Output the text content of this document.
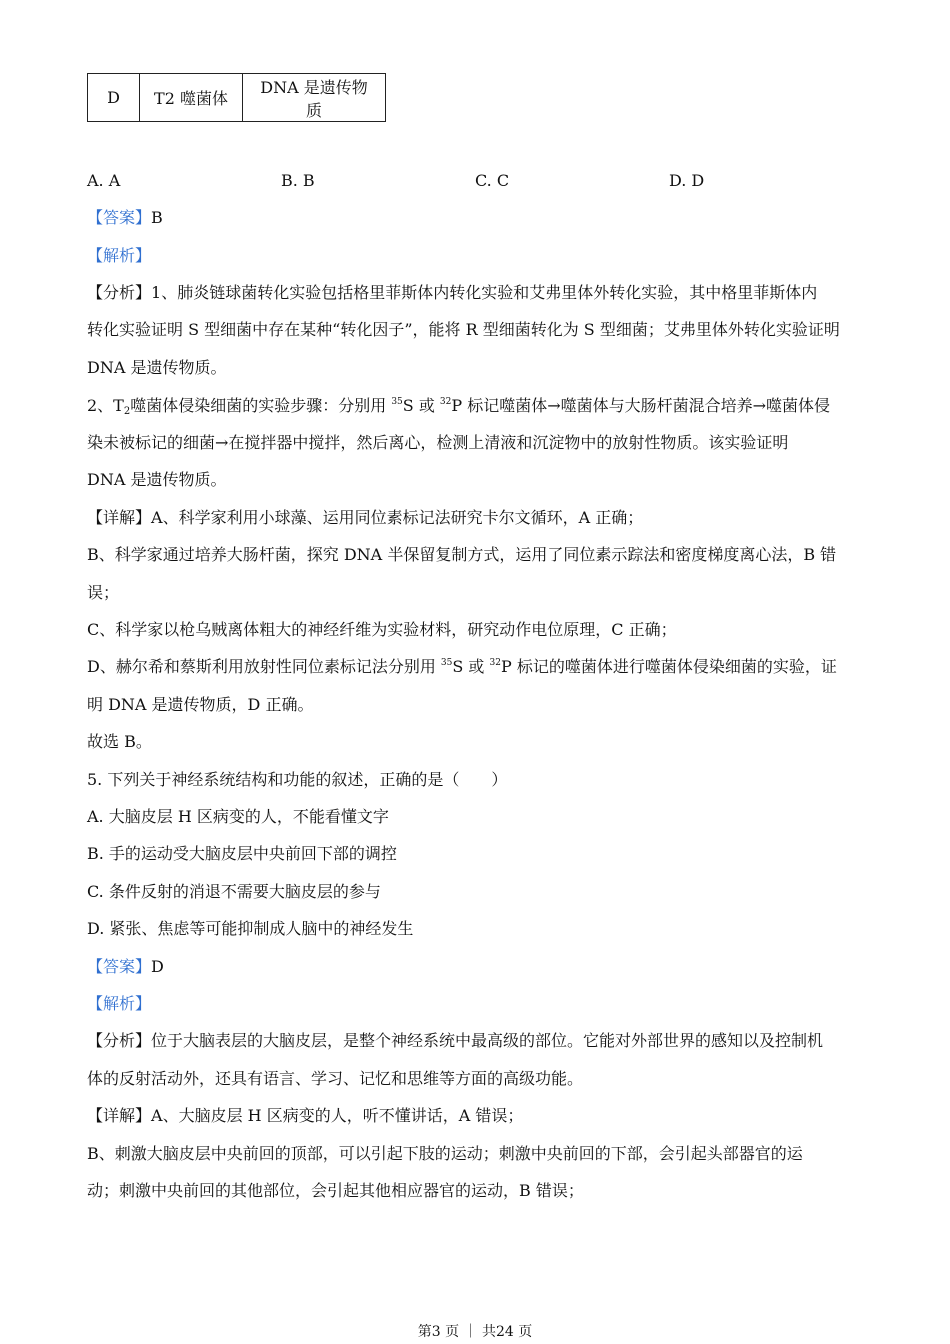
D	T2 噬菌体	DNA 是遗传物质
A. A	B. B	C. C	D. D
【答案】B
【解析】
【分析】1、肺炎链球菌转化实验包括格里菲斯体内转化实验和艾弗里体外转化实验，其中格里菲斯体内
转化实验证明 S 型细菌中存在某种“转化因子”，能将 R 型细菌转化为 S 型细菌；艾弗里体外转化实验证明
DNA 是遗传物质。
2、$T_2$噬菌体侵染细菌的实验步骤：分别用 $^{35}$S 或 $^{32}$P 标记噬菌体→噬菌体与大肠杆菌混合培养→噬菌体侵
染未被标记的细菌→在搅拌器中搅拌，然后离心，检测上清液和沉淀物中的放射性物质。该实验证明
DNA 是遗传物质。
【详解】A、科学家利用小球藻、运用同位素标记法研究卡尔文循环，A 正确；
B、科学家通过培养大肠杆菌，探究 DNA 半保留复制方式，运用了同位素示踪法和密度梯度离心法，B 错
误；
C、科学家以枪乌贼离体粗大的神经纤维为实验材料，研究动作电位原理，C 正确；
D、赫尔希和蔡斯利用放射性同位素标记法分别用 $^{35}$S 或 $^{32}$P 标记的噬菌体进行噬菌体侵染细菌的实验，证
明 DNA 是遗传物质，D 正确。
故选 B。
5. 下列关于神经系统结构和功能的叙述，正确的是（　　）
A. 大脑皮层 H 区病变的人，不能看懂文字
B. 手的运动受大脑皮层中央前回下部的调控
C. 条件反射的消退不需要大脑皮层的参与
D. 紧张、焦虑等可能抑制成人脑中的神经发生
【答案】D
【解析】
【分析】位于大脑表层的大脑皮层，是整个神经系统中最高级的部位。它能对外部世界的感知以及控制机
体的反射活动外，还具有语言、学习、记忆和思维等方面的高级功能。
【详解】A、大脑皮层 H 区病变的人，听不懂讲话，A 错误；
B、刺激大脑皮层中央前回的顶部，可以引起下肢的运动；刺激中央前回的下部，会引起头部器官的运
动；刺激中央前回的其他部位，会引起其他相应器官的运动，B 错误；
第3 页 ｜ 共24 页
